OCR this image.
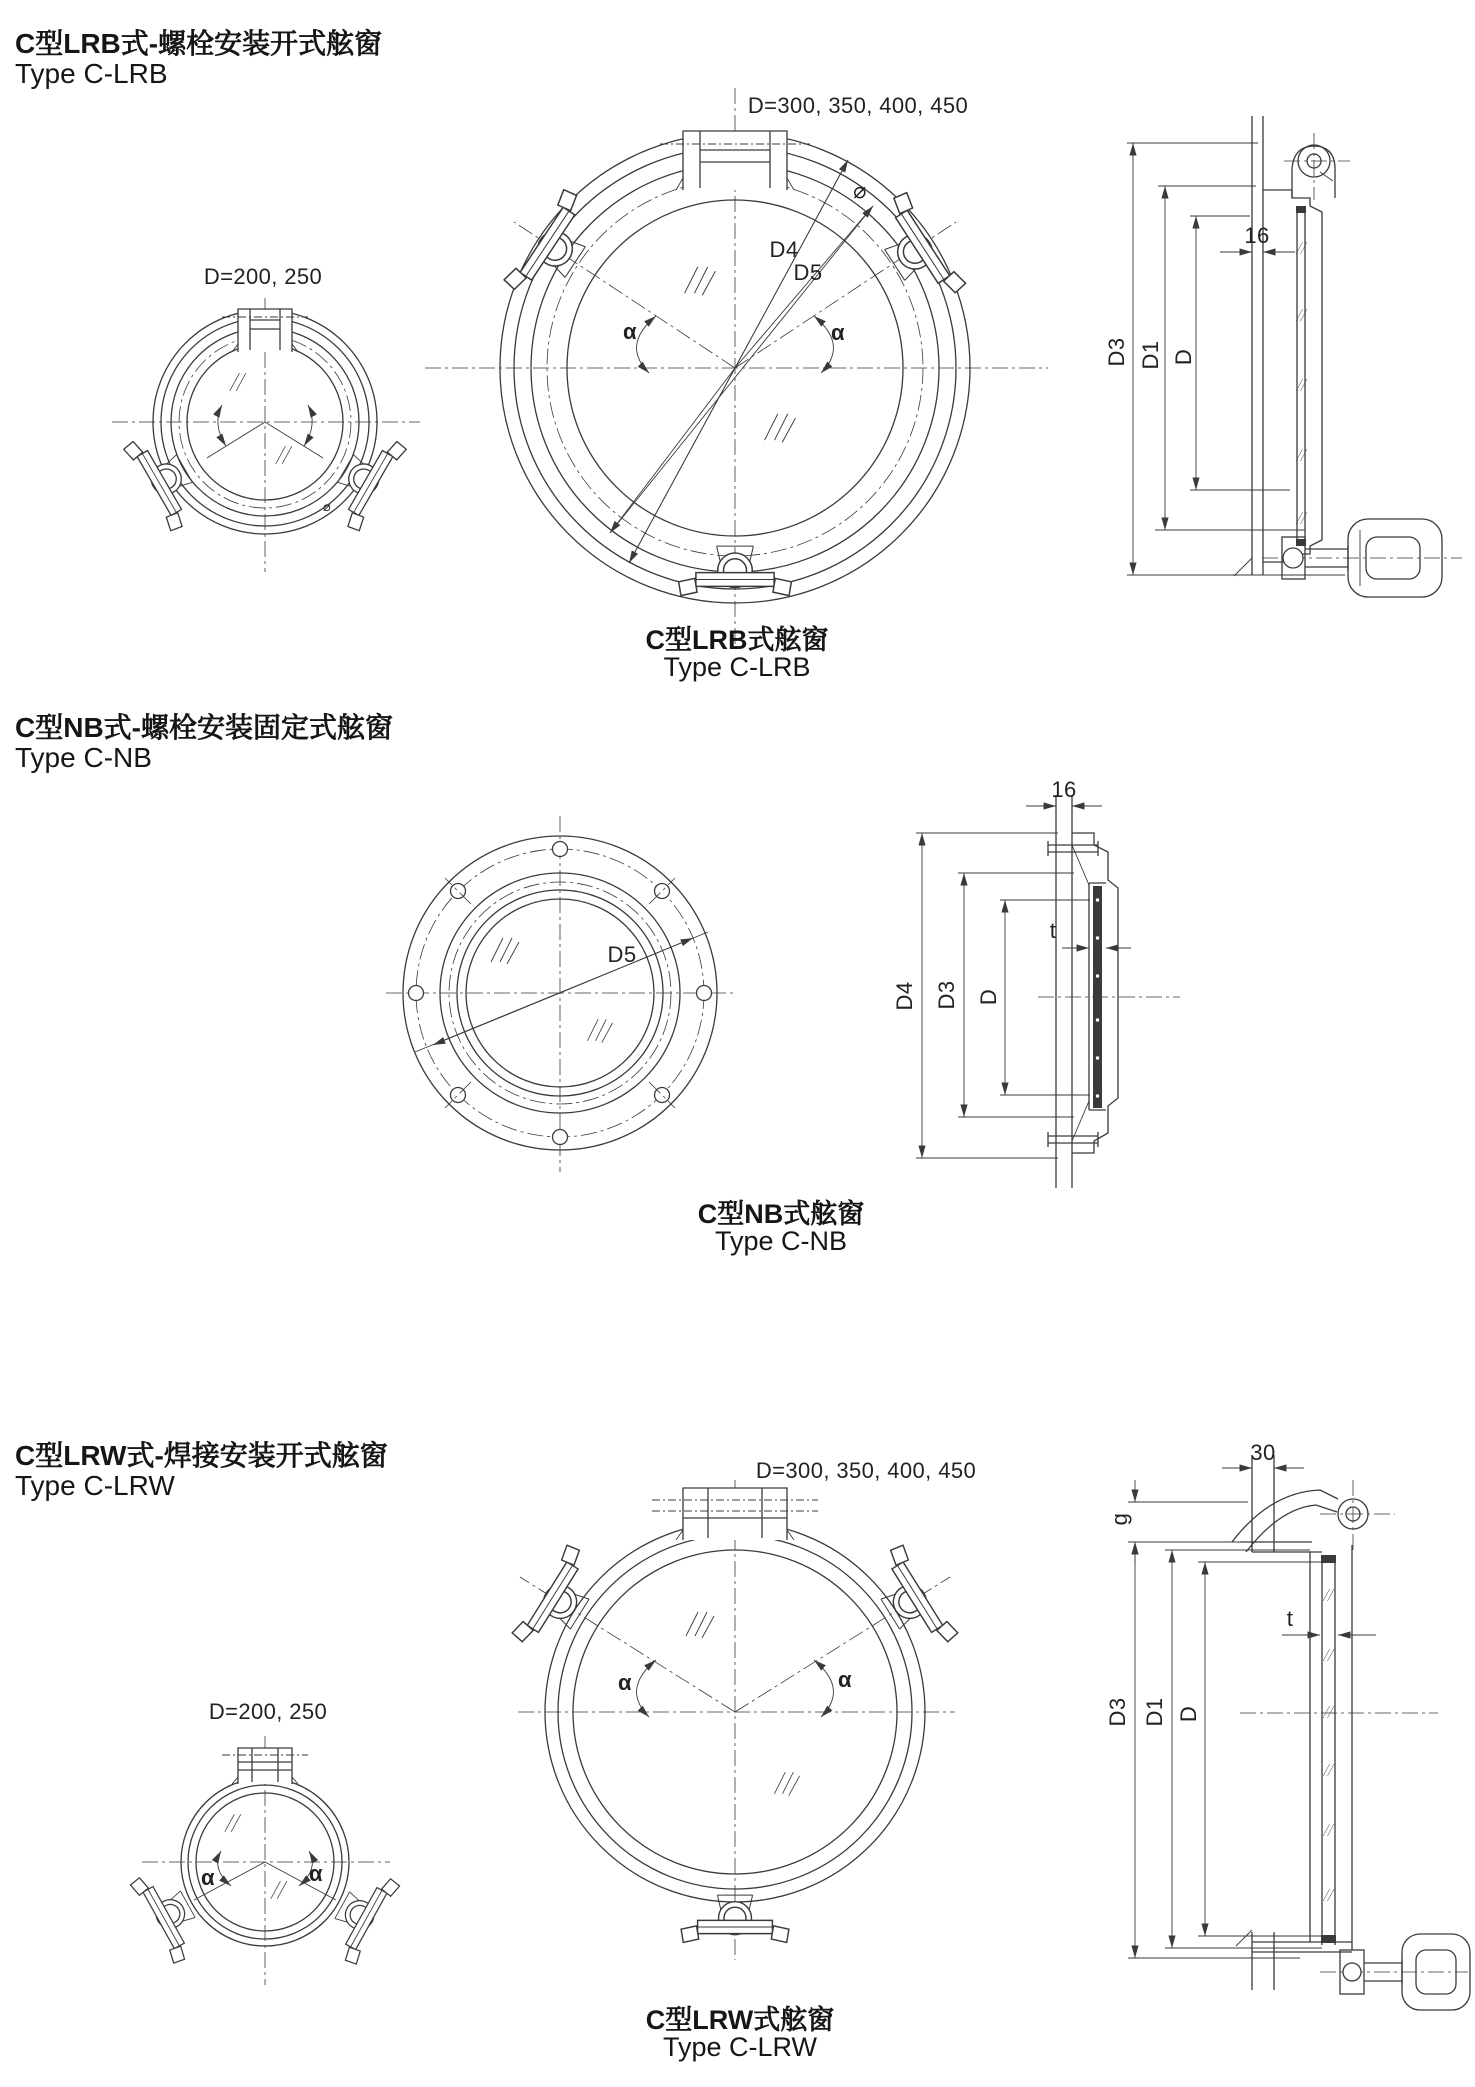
C型LRB式-螺栓安装开式舷窗
Type C-LRB
D=200, 250
⌀
D=300, 350, 400, 450
D4
D5
⌀
α	α
D3 D1 D
16
C型LRB式舷窗
Type C-LRB
C型NB式-螺栓安装固定式舷窗
Type C-NB
D5
16
D4 D3 D
t
C型NB式舷窗
Type C-NB
C型LRW式-焊接安装开式舷窗
Type C-LRW	D=300, 350, 400, 450
D=200, 250
α	α
α	α
30
g
D3 D1 D
t
C型LRW式舷窗
Type C-LRW
